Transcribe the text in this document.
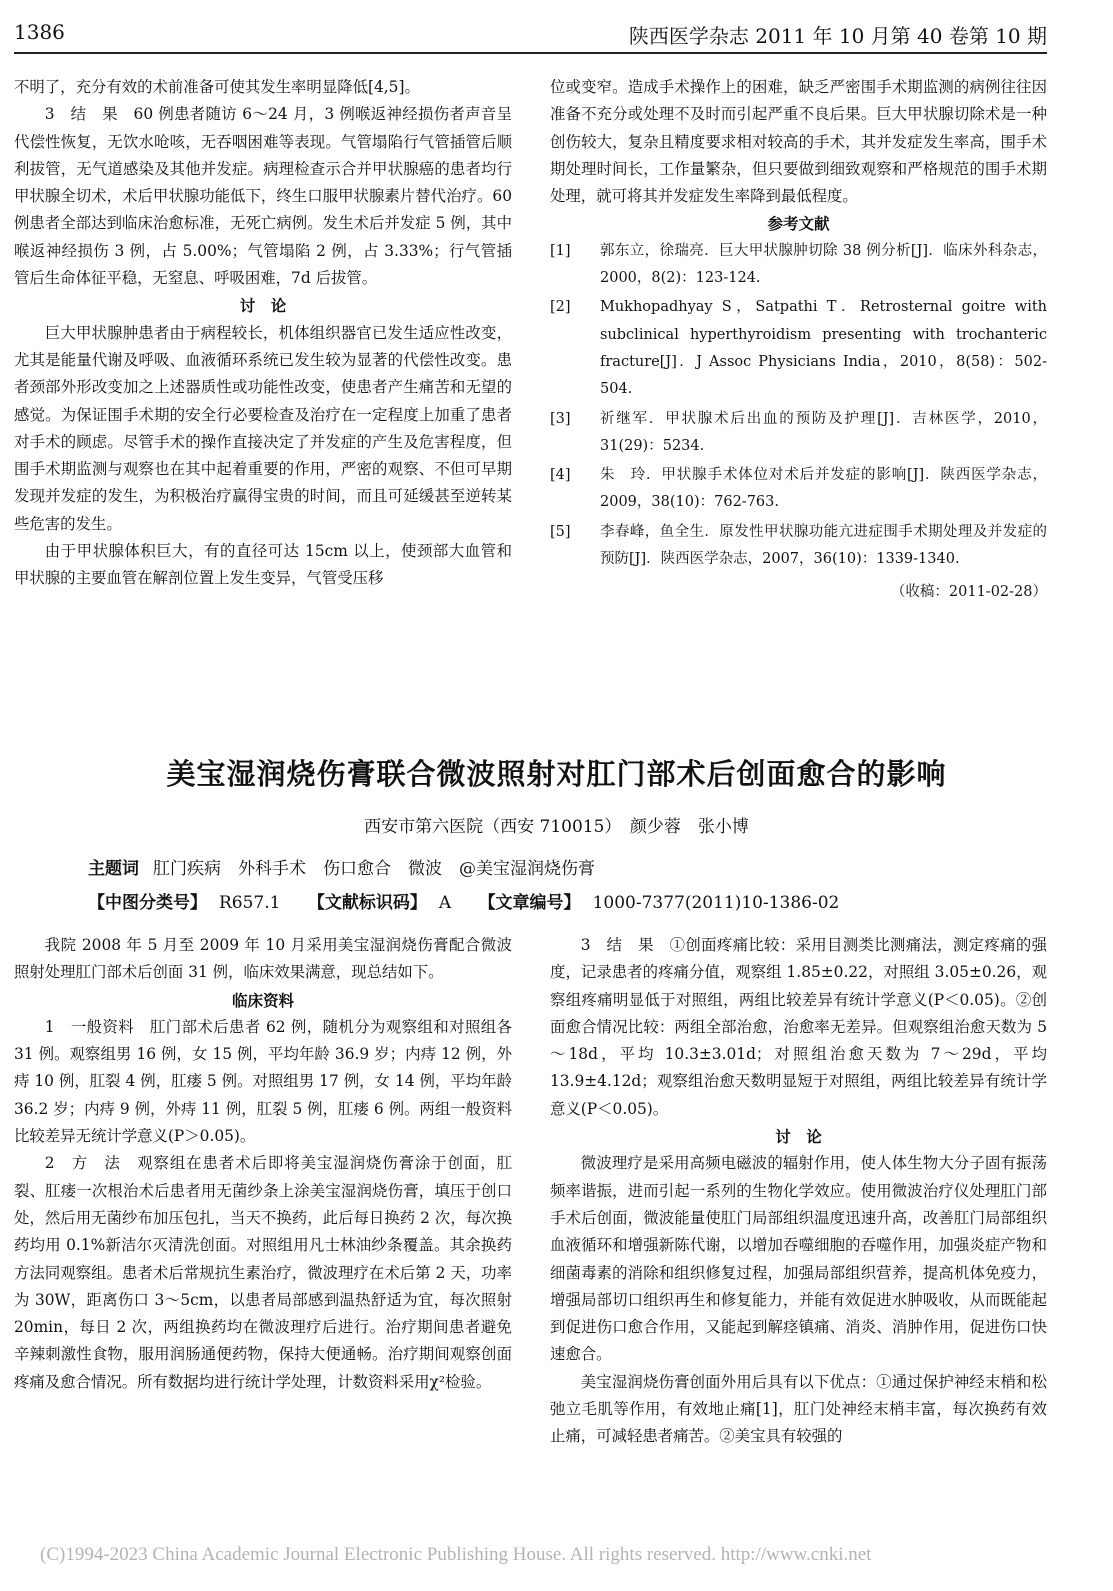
1386	陕西医学杂志 2011 年 10 月第 40 卷第 10 期

不明了，充分有效的术前准备可使其发生率明显降低[4,5]。

3　结　果　60 例患者随访 6～24 月，3 例喉返神经损伤者声音呈代偿性恢复，无饮水呛咳，无吞咽困难等表现。气管塌陷行气管插管后顺利拔管，无气道感染及其他并发症。病理检查示合并甲状腺癌的患者均行甲状腺全切术，术后甲状腺功能低下，终生口服甲状腺素片替代治疗。60 例患者全部达到临床治愈标准，无死亡病例。发生术后并发症 5 例，其中喉返神经损伤 3 例，占 5.00%；气管塌陷 2 例，占 3.33%；行气管插管后生命体征平稳，无窒息、呼吸困难，7d 后拔管。

讨　论

巨大甲状腺肿患者由于病程较长，机体组织器官已发生适应性改变，尤其是能量代谢及呼吸、血液循环系统已发生较为显著的代偿性改变。患者颈部外形改变加之上述器质性或功能性改变，使患者产生痛苦和无望的感觉。为保证围手术期的安全行必要检查及治疗在一定程度上加重了患者对手术的顾虑。尽管手术的操作直接决定了并发症的产生及危害程度，但围手术期监测与观察也在其中起着重要的作用，严密的观察、不但可早期发现并发症的发生，为积极治疗赢得宝贵的时间，而且可延缓甚至逆转某些危害的发生。

由于甲状腺体积巨大，有的直径可达 15cm 以上，使颈部大血管和甲状腺的主要血管在解剖位置上发生变异，气管受压移

位或变窄。造成手术操作上的困难，缺乏严密围手术期监测的病例往往因准备不充分或处理不及时而引起严重不良后果。巨大甲状腺切除术是一种创伤较大，复杂且精度要求相对较高的手术，其并发症发生率高，围手术期处理时间长，工作量繁杂，但只要做到细致观察和严格规范的围手术期处理，就可将其并发症发生率降到最低程度。

参考文献

[1] 郭东立，徐瑞亮．巨大甲状腺肿切除 38 例分析[J]．临床外科杂志，2000，8(2)：123-124.

[2] Mukhopadhyay S，Satpathi T．Retrosternal goitre with subclinical hyperthyroidism presenting with trochanteric fracture[J]．J Assoc Physicians India，2010，8(58)：502-504.

[3] 祈继军．甲状腺术后出血的预防及护理[J]．吉林医学，2010，31(29)：5234.

[4] 朱　玲．甲状腺手术体位对术后并发症的影响[J]．陕西医学杂志，2009，38(10)：762-763.

[5] 李春峰，鱼全生．原发性甲状腺功能亢进症围手术期处理及并发症的预防[J]．陕西医学杂志，2007，36(10)：1339-1340.

（收稿：2011-02-28）

美宝湿润烧伤膏联合微波照射对肛门部术后创面愈合的影响
西安市第六医院（西安 710015）　颜少蓉　张小博
主题词 肛门疾病　外科手术　伤口愈合　微波　@美宝湿润烧伤膏
【中图分类号】 R657.1 【文献标识码】 A 【文章编号】 1000-7377(2011)10-1386-02

我院 2008 年 5 月至 2009 年 10 月采用美宝湿润烧伤膏配合微波照射处理肛门部术后创面 31 例，临床效果满意，现总结如下。

临床资料

1　一般资料　肛门部术后患者 62 例，随机分为观察组和对照组各 31 例。观察组男 16 例，女 15 例，平均年龄 36.9 岁；内痔 12 例，外痔 10 例，肛裂 4 例，肛瘘 5 例。对照组男 17 例，女 14 例，平均年龄 36.2 岁；内痔 9 例，外痔 11 例，肛裂 5 例，肛瘘 6 例。两组一般资料比较差异无统计学意义(P＞0.05)。

2　方　法　观察组在患者术后即将美宝湿润烧伤膏涂于创面，肛裂、肛瘘一次根治术后患者用无菌纱条上涂美宝湿润烧伤膏，填压于创口处，然后用无菌纱布加压包扎，当天不换药，此后每日换药 2 次，每次换药均用 0.1%新洁尔灭清洗创面。对照组用凡士林油纱条覆盖。其余换药方法同观察组。患者术后常规抗生素治疗，微波理疗在术后第 2 天，功率为 30W，距离伤口 3～5cm，以患者局部感到温热舒适为宜，每次照射 20min，每日 2 次，两组换药均在微波理疗后进行。治疗期间患者避免辛辣刺激性食物，服用润肠通便药物，保持大便通畅。治疗期间观察创面疼痛及愈合情况。所有数据均进行统计学处理，计数资料采用χ²检验。

3　结　果　①创面疼痛比较：采用目测类比测痛法，测定疼痛的强度，记录患者的疼痛分值，观察组 1.85±0.22，对照组 3.05±0.26，观察组疼痛明显低于对照组，两组比较差异有统计学意义(P＜0.05)。②创面愈合情况比较：两组全部治愈，治愈率无差异。但观察组治愈天数为 5～18d，平均 10.3±3.01d；对照组治愈天数为 7～29d，平均 13.9±4.12d；观察组治愈天数明显短于对照组，两组比较差异有统计学意义(P＜0.05)。

讨　论

微波理疗是采用高频电磁波的辐射作用，使人体生物大分子固有振荡频率谐振，进而引起一系列的生物化学效应。使用微波治疗仪处理肛门部手术后创面，微波能量使肛门局部组织温度迅速升高，改善肛门局部组织血液循环和增强新陈代谢，以增加吞噬细胞的吞噬作用，加强炎症产物和细菌毒素的消除和组织修复过程，加强局部组织营养，提高机体免疫力，增强局部切口组织再生和修复能力，并能有效促进水肿吸收，从而既能起到促进伤口愈合作用，又能起到解痉镇痛、消炎、消肿作用，促进伤口快速愈合。

美宝湿润烧伤膏创面外用后具有以下优点：①通过保护神经末梢和松弛立毛肌等作用，有效地止痛[1]，肛门处神经末梢丰富，每次换药有效止痛，可减轻患者痛苦。②美宝具有较强的

(C)1994-2023 China Academic Journal Electronic Publishing House. All rights reserved. http://www.cnki.net
